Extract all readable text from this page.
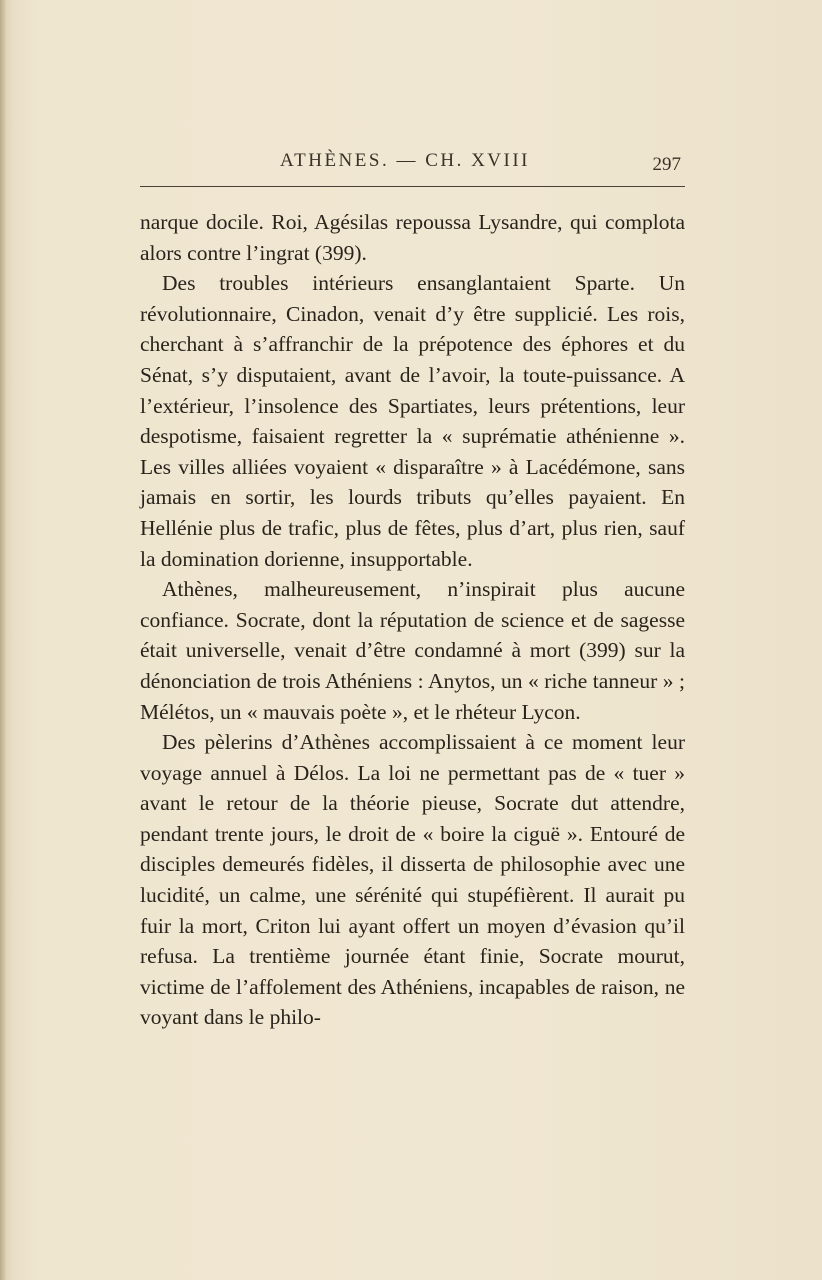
ATHÈNES. — CH. XVIII	297

narque docile. Roi, Agésilas repoussa Lysandre, qui complota alors contre l’ingrat (399).

Des troubles intérieurs ensanglantaient Sparte. Un révolutionnaire, Cinadon, venait d’y être supplicié. Les rois, cherchant à s’affranchir de la prépotence des éphores et du Sénat, s’y disputaient, avant de l’avoir, la toute-puissance. A l’extérieur, l’insolence des Spartiates, leurs prétentions, leur despotisme, faisaient regretter la « suprématie athénienne ». Les villes alliées voyaient « disparaître » à Lacédémone, sans jamais en sortir, les lourds tributs qu’elles payaient. En Hellénie plus de trafic, plus de fêtes, plus d’art, plus rien, sauf la domination dorienne, insupportable.

Athènes, malheureusement, n’inspirait plus aucune confiance. Socrate, dont la réputation de science et de sagesse était universelle, venait d’être condamné à mort (399) sur la dénonciation de trois Athéniens : Anytos, un « riche tanneur » ; Mélétos, un « mauvais poète », et le rhéteur Lycon.

Des pèlerins d’Athènes accomplissaient à ce moment leur voyage annuel à Délos. La loi ne permettant pas de « tuer » avant le retour de la théorie pieuse, Socrate dut attendre, pendant trente jours, le droit de « boire la ciguë ». Entouré de disciples demeurés fidèles, il disserta de philosophie avec une lucidité, un calme, une sérénité qui stupéfièrent. Il aurait pu fuir la mort, Criton lui ayant offert un moyen d’évasion qu’il refusa. La trentième journée étant finie, Socrate mourut, victime de l’affolement des Athéniens, incapables de raison, ne voyant dans le philo-
